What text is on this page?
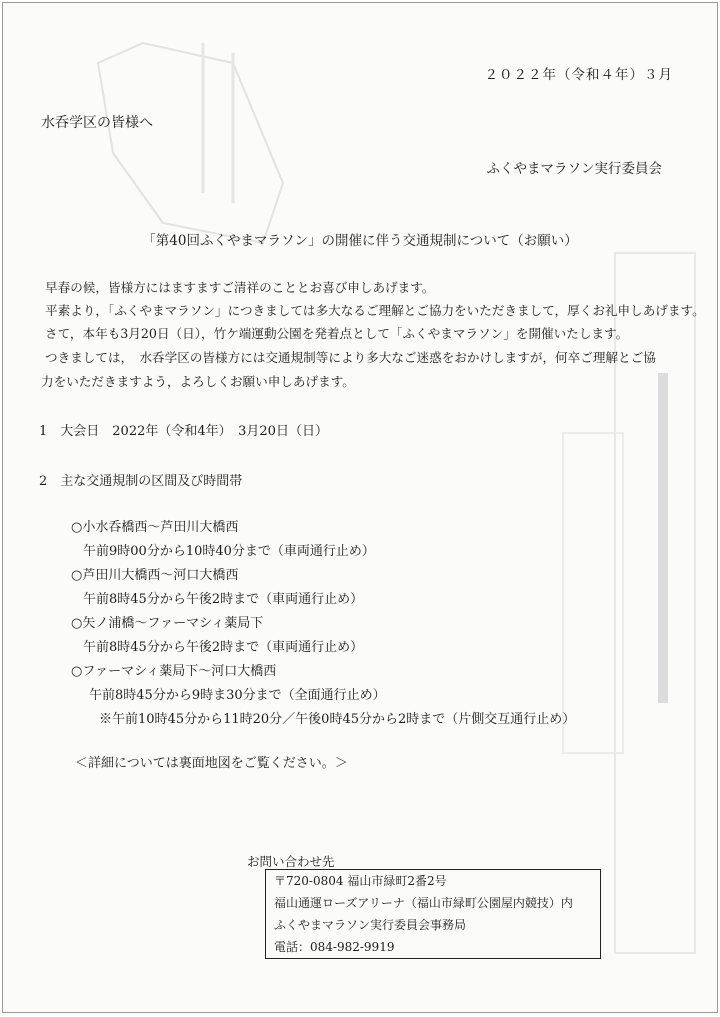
２０２２年（令和４年）３月
水呑学区の皆様へ
ふくやまマラソン実行委員会
「第40回ふくやまマラソン」の開催に伴う交通規制について（お願い）
早春の候，皆様方にはますますご清祥のこととお喜び申しあげます。
平素より，「ふくやまマラソン」につきましては多大なるご理解とご協力をいただきまして，厚くお礼申しあげます。
さて，本年も3月20日（日），竹ケ端運動公園を発着点として「ふくやまマラソン」を開催いたします。
つきましては，　水呑学区の皆様方には交通規制等により多大なご迷惑をおかけしますが，何卒ご理解とご協
力をいただきますよう，よろしくお願い申しあげます。
1　大会日　2022年（令和4年）　3月20日（日）
2　主な交通規制の区間及び時間帯
○小水呑橋西～芦田川大橋西
午前9時00分から10時40分まで（車両通行止め）
○芦田川大橋西～河口大橋西
午前8時45分から午後2時まで（車両通行止め）
○矢ノ浦橋～ファーマシィ薬局下
午前8時45分から午後2時まで（車両通行止め）
○ファーマシィ薬局下～河口大橋西
午前8時45分から9時ま30分まで（全面通行止め）
※午前10時45分から11時20分／午後0時45分から2時まで（片側交互通行止め）
＜詳細については裏面地図をご覧ください。＞
お問い合わせ先
〒720-0804 福山市緑町2番2号
福山通運ローズアリーナ（福山市緑町公園屋内競技）内
ふくやまマラソン実行委員会事務局
電話：084-982-9919
